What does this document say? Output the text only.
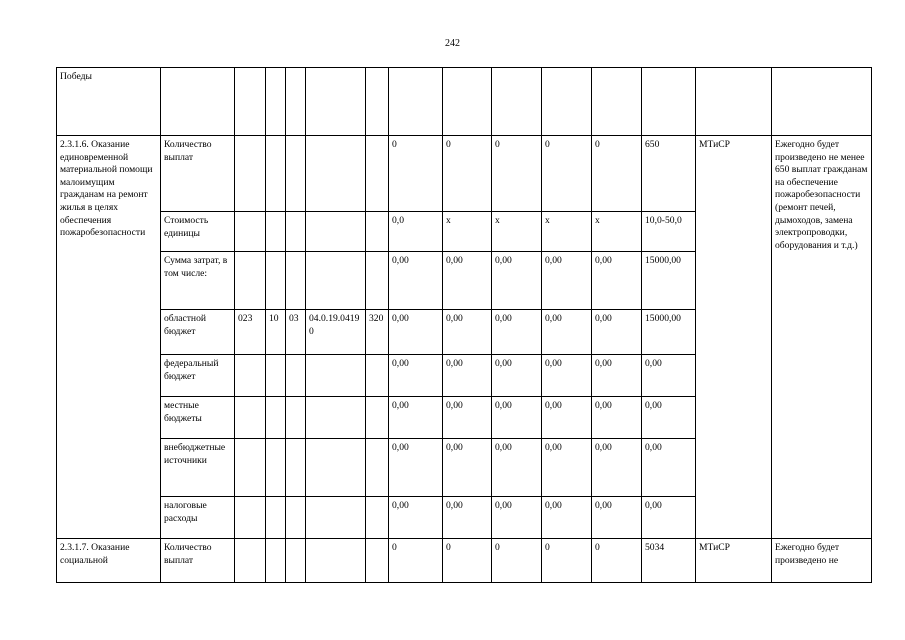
242
Победы														
2.3.1.6. Оказание единовременной материальной помощи малоимущим гражданам на ремонт жилья в целях обеспечения пожаробезопасности	Количество выплат						0	0	0	0	0	650	МТиСР	Ежегодно будет произведено не менее 650 выплат гражданам на обеспечение пожаробезопасности (ремонт печей, дымоходов, замена электропроводки, оборудования и т.д.)
	Стоимость единицы						0,0	х	х	х	х	10,0-50,0		
	Сумма затрат, в том числе:						0,00	0,00	0,00	0,00	0,00	15000,00		
	областной бюджет	023	10	03	04.0.19.04190	320	0,00	0,00	0,00	0,00	0,00	15000,00		
	федеральный бюджет						0,00	0,00	0,00	0,00	0,00	0,00		
	местные бюджеты						0,00	0,00	0,00	0,00	0,00	0,00		
	внебюджетные источники						0,00	0,00	0,00	0,00	0,00	0,00		
	налоговые расходы						0,00	0,00	0,00	0,00	0,00	0,00		
2.3.1.7. Оказание социальной	Количество выплат						0	0	0	0	0	5034	МТиСР	Ежегодно будет произведено не
